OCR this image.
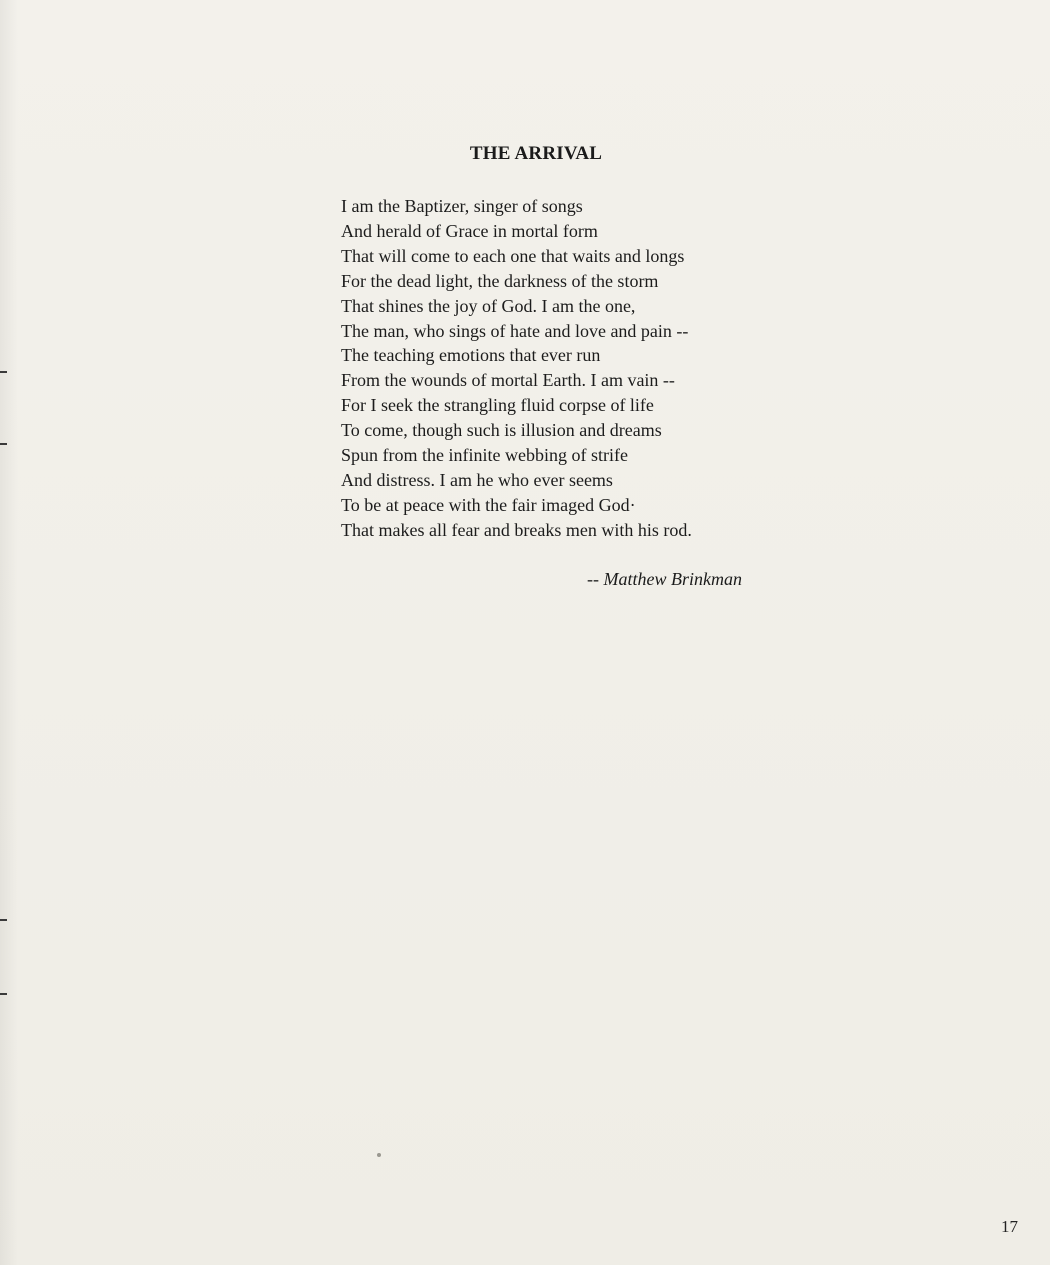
THE ARRIVAL
I am the Baptizer, singer of songs
And herald of Grace in mortal form
That will come to each one that waits and longs
For the dead light, the darkness of the storm
That shines the joy of God. I am the one,
The man, who sings of hate and love and pain --
The teaching emotions that ever run
From the wounds of mortal Earth. I am vain --
For I seek the strangling fluid corpse of life
To come, though such is illusion and dreams
Spun from the infinite webbing of strife
And distress. I am he who ever seems
To be at peace with the fair imaged God·
That makes all fear and breaks men with his rod.
-- Matthew Brinkman
17
